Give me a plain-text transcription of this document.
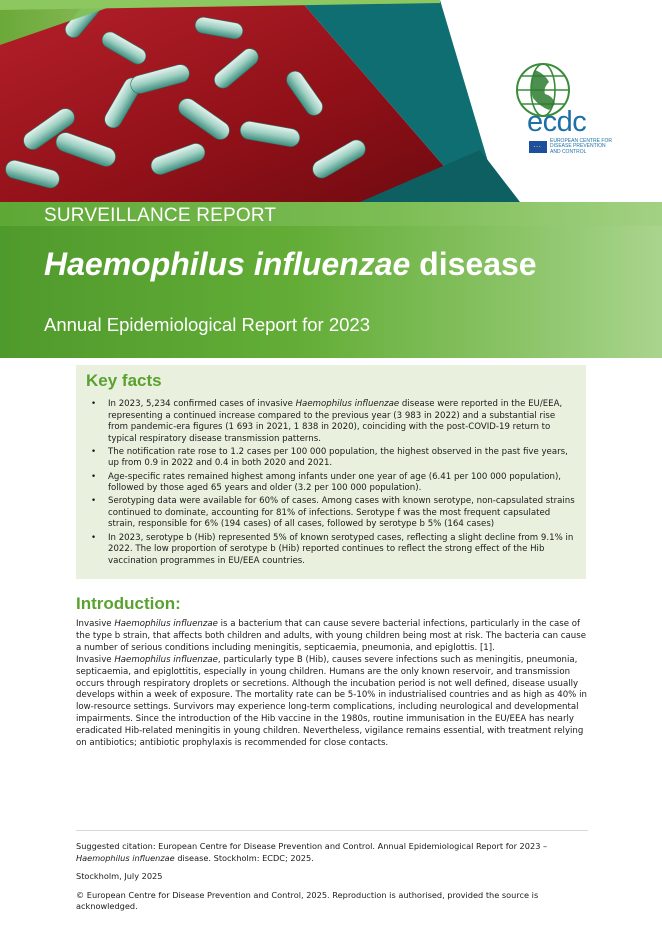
ecdc
⋯
EUROPEAN CENTRE FOR
DISEASE PREVENTION
AND CONTROL
SURVEILLANCE REPORT
Haemophilus influenzae disease
Annual Epidemiological Report for 2023
Key facts
• In 2023, 5,234 confirmed cases of invasive Haemophilus influenzae disease were reported in the EU/EEA, representing a continued increase compared to the previous year (3 983 in 2022) and a substantial rise from pandemic-era figures (1 693 in 2021, 1 838 in 2020), coinciding with the post-COVID-19 return to typical respiratory disease transmission patterns.
• The notification rate rose to 1.2 cases per 100 000 population, the highest observed in the past five years, up from 0.9 in 2022 and 0.4 in both 2020 and 2021.
• Age-specific rates remained highest among infants under one year of age (6.41 per 100 000 population), followed by those aged 65 years and older (3.2 per 100 000 population).
• Serotyping data were available for 60% of cases. Among cases with known serotype, non-capsulated strains continued to dominate, accounting for 81% of infections. Serotype f was the most frequent capsulated strain, responsible for 6% (194 cases) of all cases, followed by serotype b 5% (164 cases)
• In 2023, serotype b (Hib) represented 5% of known serotyped cases, reflecting a slight decline from 9.1% in 2022. The low proportion of serotype b (Hib) reported continues to reflect the strong effect of the Hib vaccination programmes in EU/EEA countries.
Introduction:

Invasive Haemophilus influenzae is a bacterium that can cause severe bacterial infections, particularly in the case of the type b strain, that affects both children and adults, with young children being most at risk. The bacteria can cause a number of serious conditions including meningitis, septicaemia, pneumonia, and epiglottis. [1].

Invasive Haemophilus influenzae, particularly type B (Hib), causes severe infections such as meningitis, pneumonia, septicaemia, and epiglottitis, especially in young children. Humans are the only known reservoir, and transmission occurs through respiratory droplets or secretions. Although the incubation period is not well defined, disease usually develops within a week of exposure. The mortality rate can be 5-10% in industrialised countries and as high as 40% in low-resource settings. Survivors may experience long-term complications, including neurological and developmental impairments. Since the introduction of the Hib vaccine in the 1980s, routine immunisation in the EU/EEA has nearly eradicated Hib-related meningitis in young children. Nevertheless, vigilance remains essential, with treatment relying on antibiotics; antibiotic prophylaxis is recommended for close contacts.

Suggested citation: European Centre for Disease Prevention and Control. Annual Epidemiological Report for 2023 – Haemophilus influenzae disease. Stockholm: ECDC; 2025.

Stockholm, July 2025

© European Centre for Disease Prevention and Control, 2025. Reproduction is authorised, provided the source is acknowledged.
